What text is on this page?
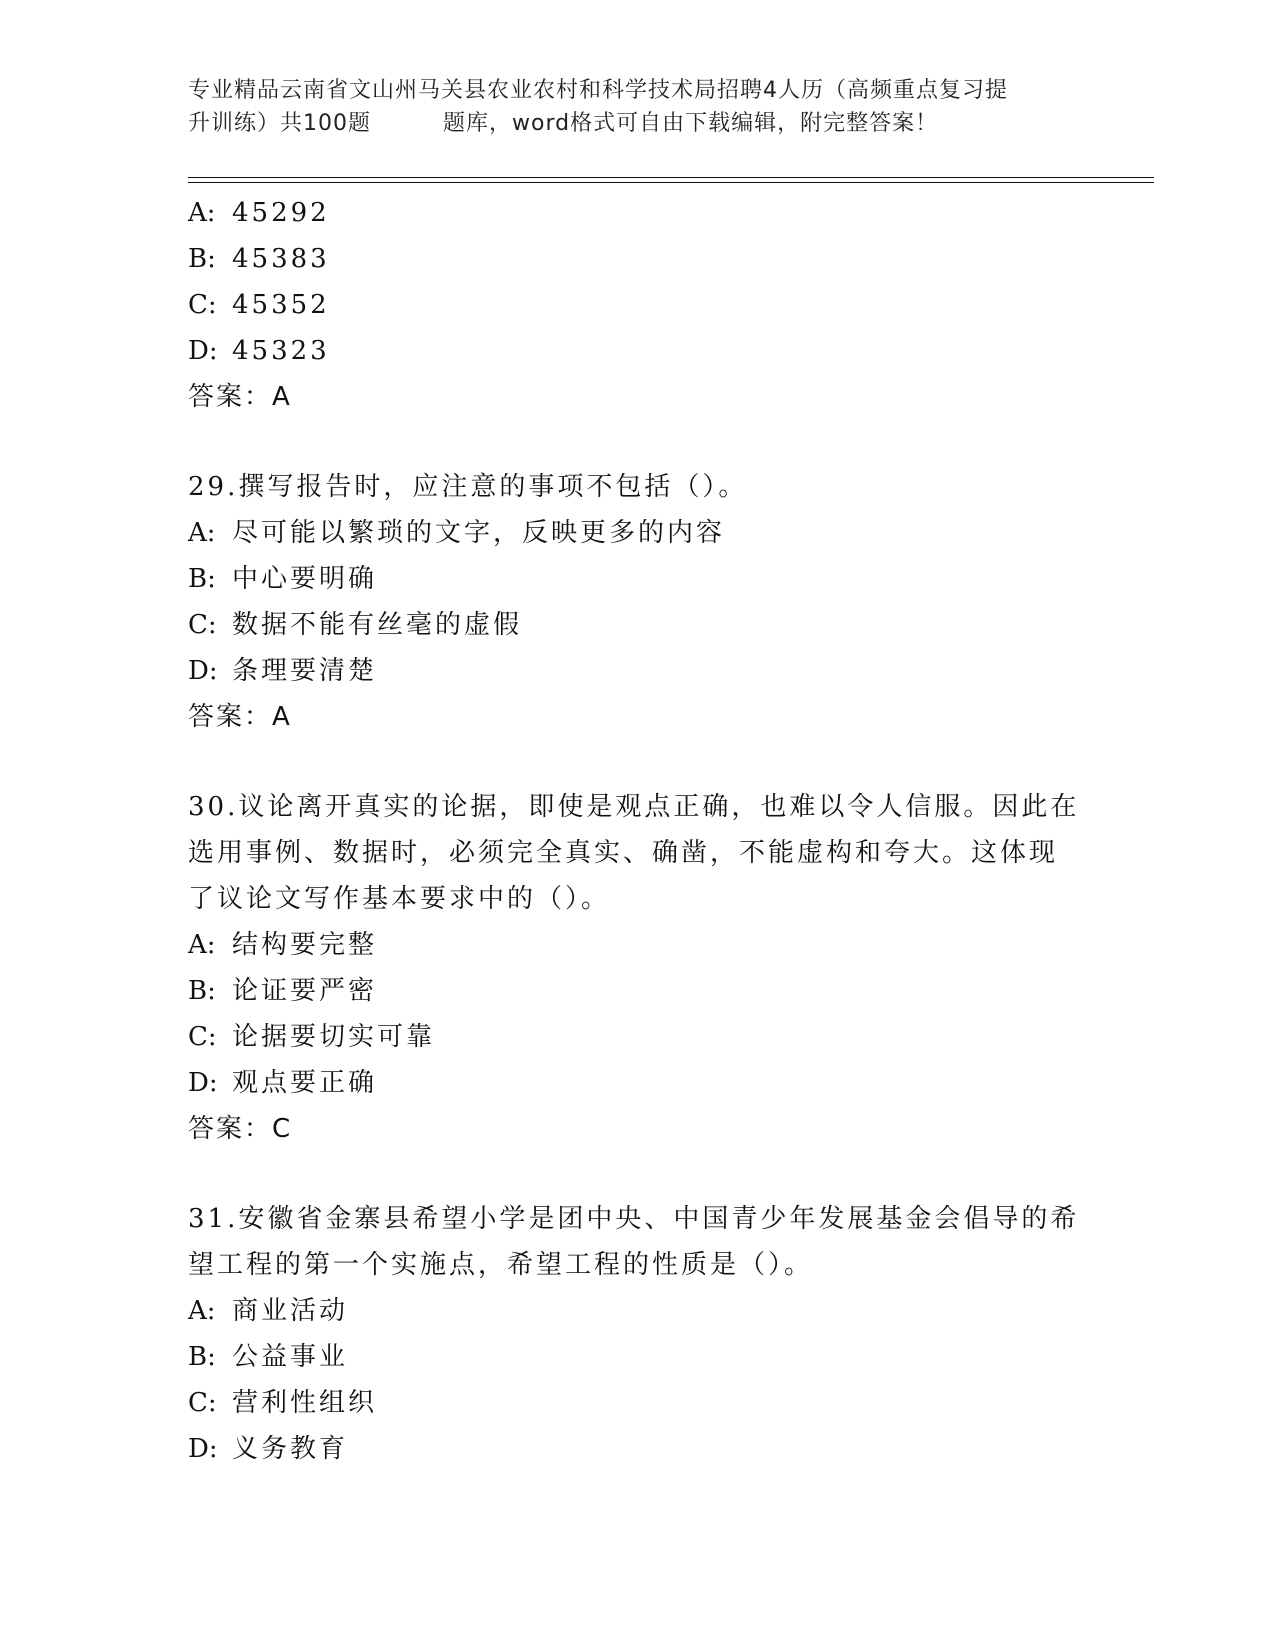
专业精品云南省文山州马关县农业农村和科学技术局招聘4人历（高频重点复习提
升训练）共100题	题库，word格式可自由下载编辑，附完整答案！
A: 45292
B: 45383
C: 45352
D: 45323
答案：A
29.撰写报告时，应注意的事项不包括（）。
A: 尽可能以繁琐的文字，反映更多的内容
B: 中心要明确
C: 数据不能有丝毫的虚假
D: 条理要清楚
答案：A
30.议论离开真实的论据，即使是观点正确，也难以令人信服。因此在
选用事例、数据时，必须完全真实、确凿，不能虚构和夸大。这体现
了议论文写作基本要求中的（）。
A: 结构要完整
B: 论证要严密
C: 论据要切实可靠
D: 观点要正确
答案：C
31.安徽省金寨县希望小学是团中央、中国青少年发展基金会倡导的希
望工程的第一个实施点，希望工程的性质是（）。
A: 商业活动
B: 公益事业
C: 营利性组织
D: 义务教育
